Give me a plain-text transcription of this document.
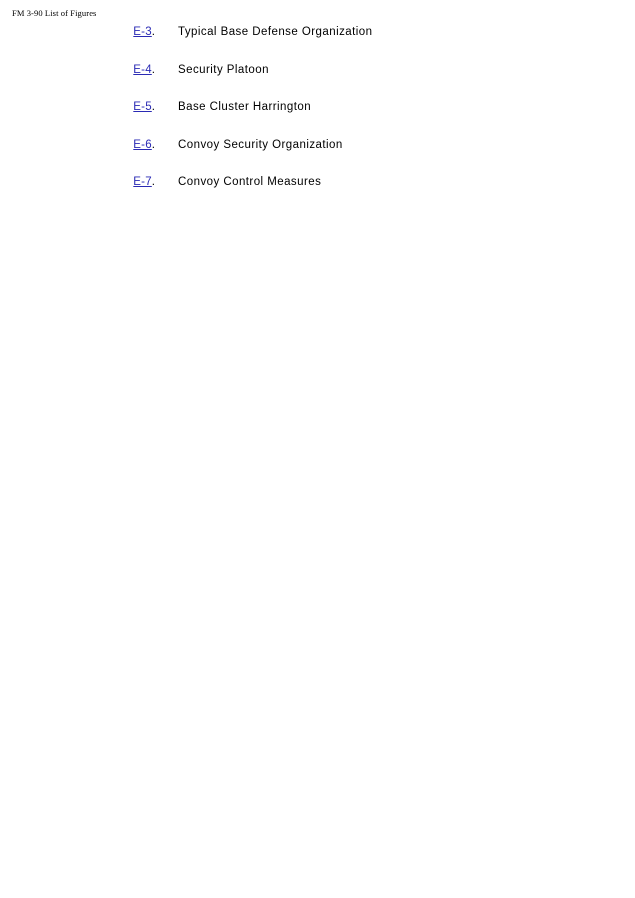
FM 3-90 List of Figures
E-3.	Typical Base Defense Organization
E-4.	Security Platoon
E-5.	Base Cluster Harrington
E-6.	Convoy Security Organization
E-7.	Convoy Control Measures
